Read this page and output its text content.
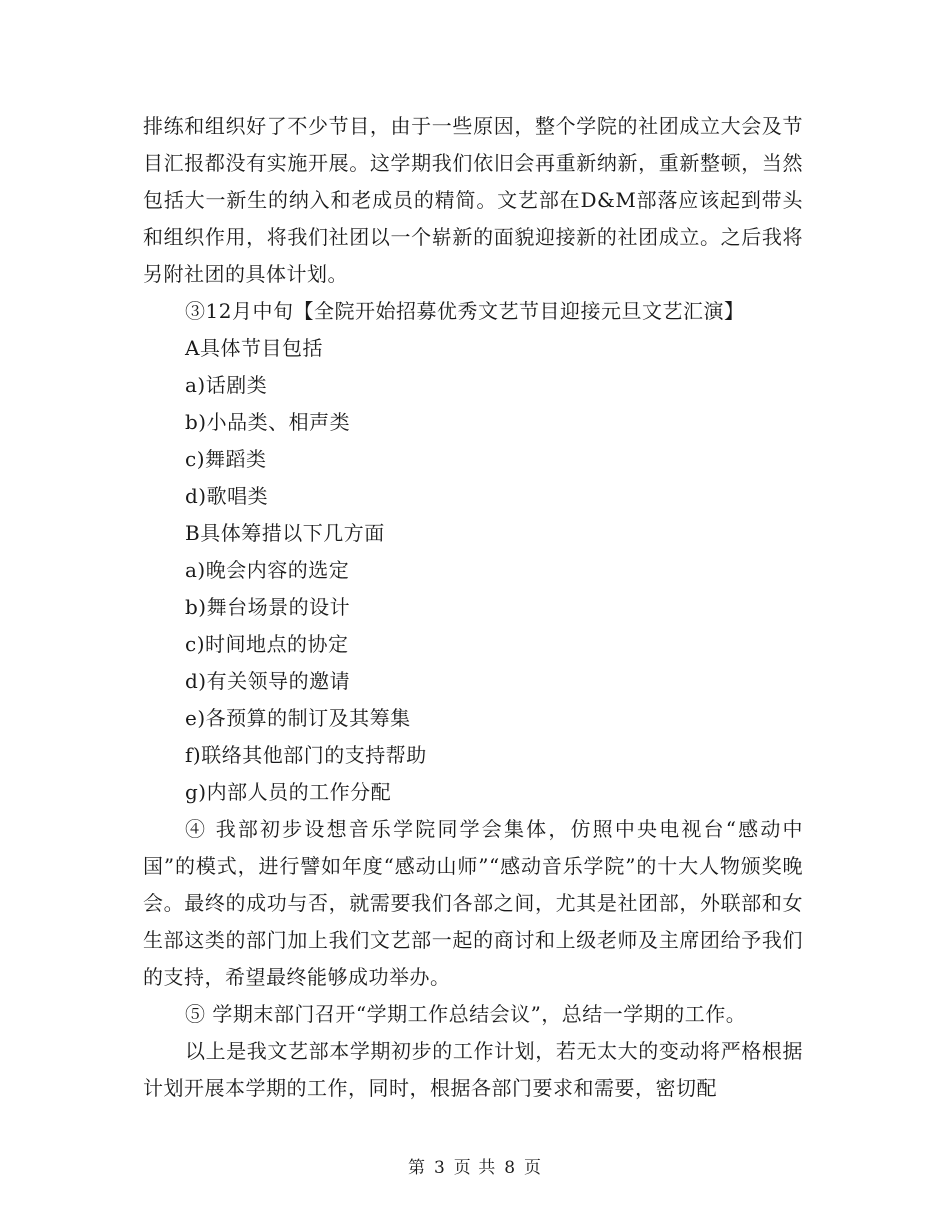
排练和组织好了不少节目，由于一些原因，整个学院的社团成立大会及节目汇报都没有实施开展。这学期我们依旧会再重新纳新，重新整顿，当然包括大一新生的纳入和老成员的精简。文艺部在D&M部落应该起到带头和组织作用，将我们社团以一个崭新的面貌迎接新的社团成立。之后我将另附社团的具体计划。

③12月中旬【全院开始招募优秀文艺节目迎接元旦文艺汇演】

A具体节目包括

a)话剧类

b)小品类、相声类

c)舞蹈类

d)歌唱类

B具体筹措以下几方面

a)晚会内容的选定

b)舞台场景的设计

c)时间地点的协定

d)有关领导的邀请

e)各预算的制订及其筹集

f)联络其他部门的支持帮助

g)内部人员的工作分配

④ 我部初步设想音乐学院同学会集体，仿照中央电视台“感动中国”的模式，进行譬如年度“感动山师”“感动音乐学院”的十大人物颁奖晚会。最终的成功与否，就需要我们各部之间，尤其是社团部，外联部和女生部这类的部门加上我们文艺部一起的商讨和上级老师及主席团给予我们的支持，希望最终能够成功举办。

⑤ 学期末部门召开“学期工作总结会议”，总结一学期的工作。

以上是我文艺部本学期初步的工作计划，若无太大的变动将严格根据计划开展本学期的工作，同时，根据各部门要求和需要，密切配

第 3 页 共 8 页
